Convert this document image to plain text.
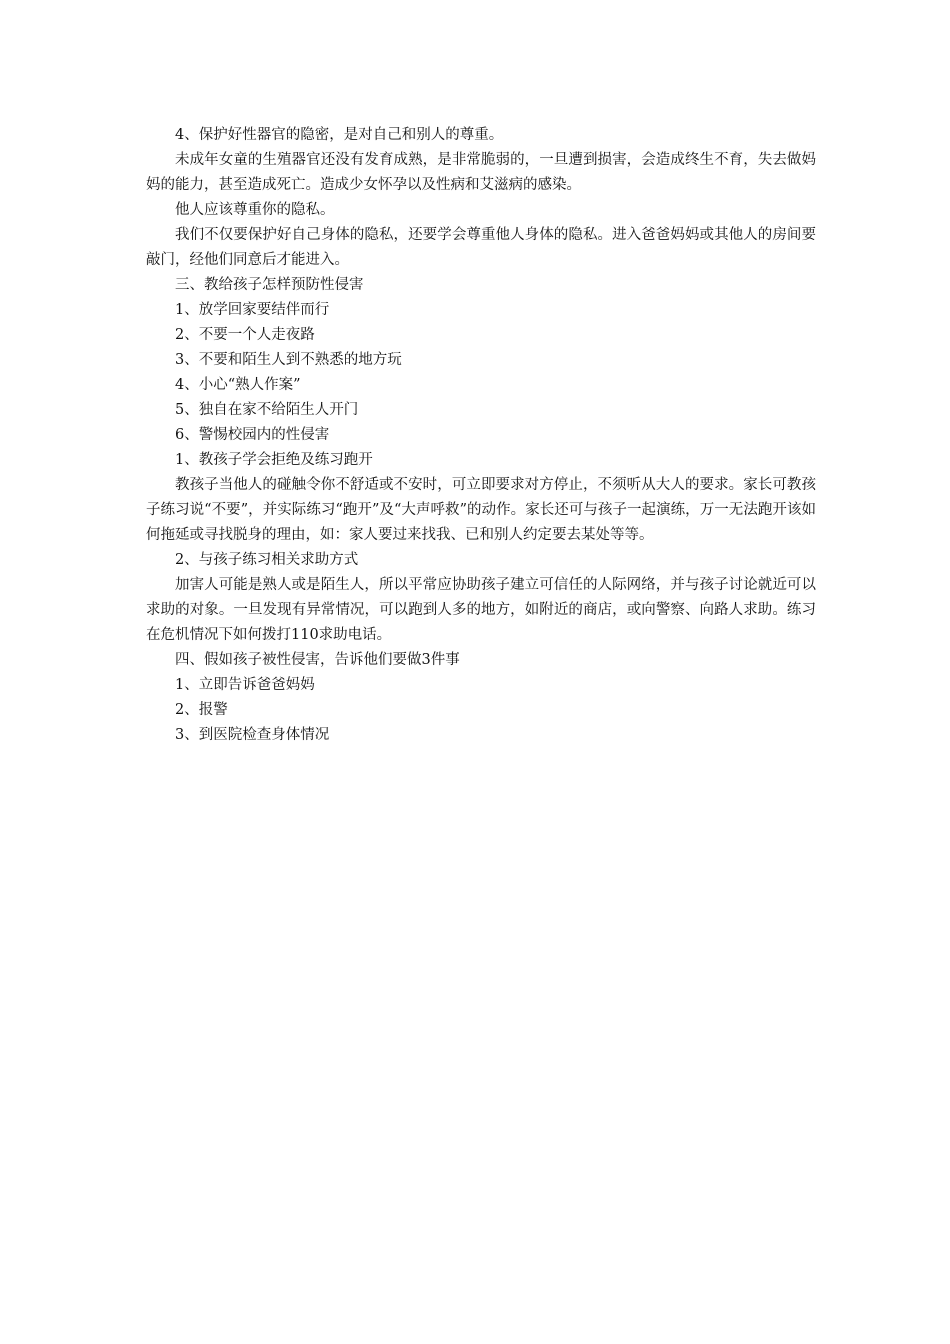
4、保护好性器官的隐密，是对自己和别人的尊重。

未成年女童的生殖器官还没有发育成熟，是非常脆弱的，一旦遭到损害，会造成终生不育，失去做妈妈的能力，甚至造成死亡。造成少女怀孕以及性病和艾滋病的感染。

他人应该尊重你的隐私。

我们不仅要保护好自己身体的隐私，还要学会尊重他人身体的隐私。进入爸爸妈妈或其他人的房间要敲门，经他们同意后才能进入。

三、教给孩子怎样预防性侵害

1、放学回家要结伴而行

2、不要一个人走夜路

3、不要和陌生人到不熟悉的地方玩

4、小心“熟人作案”

5、独自在家不给陌生人开门

6、警惕校园内的性侵害

1、教孩子学会拒绝及练习跑开

教孩子当他人的碰触令你不舒适或不安时，可立即要求对方停止，不须听从大人的要求。家长可教孩子练习说“不要”，并实际练习“跑开”及“大声呼救”的动作。家长还可与孩子一起演练，万一无法跑开该如何拖延或寻找脱身的理由，如：家人要过来找我、已和别人约定要去某处等等。

2、与孩子练习相关求助方式

加害人可能是熟人或是陌生人，所以平常应协助孩子建立可信任的人际网络，并与孩子讨论就近可以求助的对象。一旦发现有异常情况，可以跑到人多的地方，如附近的商店，或向警察、向路人求助。练习在危机情况下如何拨打110求助电话。

四、假如孩子被性侵害，告诉他们要做3件事

1、立即告诉爸爸妈妈

2、报警

3、到医院检查身体情况
